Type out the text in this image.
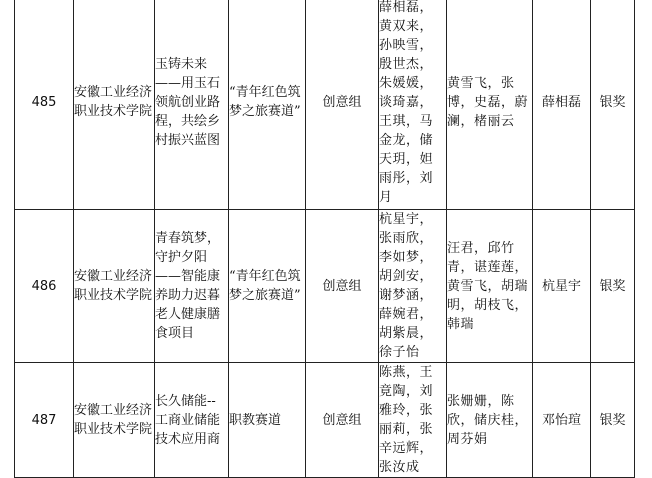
485	安徽工业经济职业技术学院	玉铸未来——用玉石领航创业路程，共绘乡村振兴蓝图	“青年红色筑梦之旅赛道”	创意组	薛相磊，黄双来，孙映雪，殷世杰，朱媛媛，谈琦嘉，王琪，马金龙，储天玥，妲雨彤，刘月	黄雪飞，张博，史磊，蔚澜，楮丽云	薛相磊	银奖
486	安徽工业经济职业技术学院	青春筑梦，守护夕阳——智能康养助力迟暮老人健康膳食项目	“青年红色筑梦之旅赛道”	创意组	杭星宇，张雨欣，李如梦，胡剑安，谢梦涵，薛婉君，胡紫晨，徐子怡	汪君，邱竹青，谌莲莲，黄雪飞，胡瑞明，胡枝飞，韩瑞	杭星宇	银奖
487	安徽工业经济职业技术学院	长久储能--工商业储能技术应用商	职教赛道	创意组	陈燕，王竟陶，刘雅玲，张丽莉，张辛远辉，张汝成	张姗姗，陈欣，储庆桂，周芬娟	邓怡瑄	银奖
